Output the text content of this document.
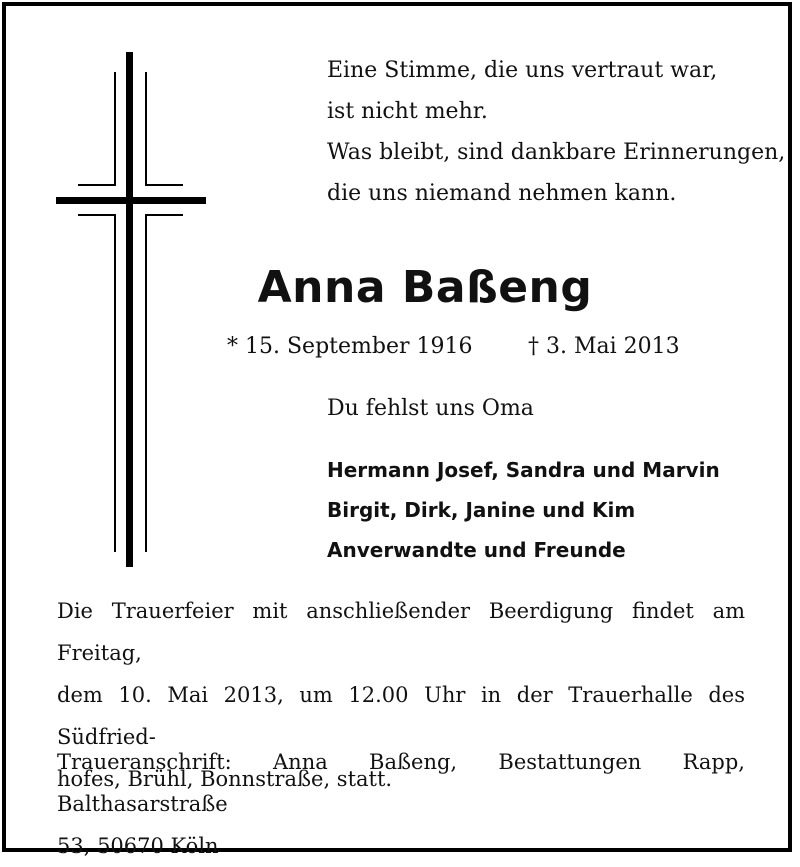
Eine Stimme, die uns vertraut war,
ist nicht mehr.
Was bleibt, sind dankbare Erinnerungen,
die uns niemand nehmen kann.
Anna Baßeng
* 15. September 1916	† 3. Mai 2013
Du fehlst uns Oma
Hermann Josef, Sandra und Marvin
Birgit, Dirk, Janine und Kim
Anverwandte und Freunde
Die Trauerfeier mit anschließender Beerdigung findet am Freitag,
dem 10. Mai 2013, um 12.00 Uhr in der Trauerhalle des Südfried-
hofes, Brühl, Bonnstraße, statt.
Traueranschrift: Anna Baßeng, Bestattungen Rapp, Balthasarstraße
53, 50670 Köln
